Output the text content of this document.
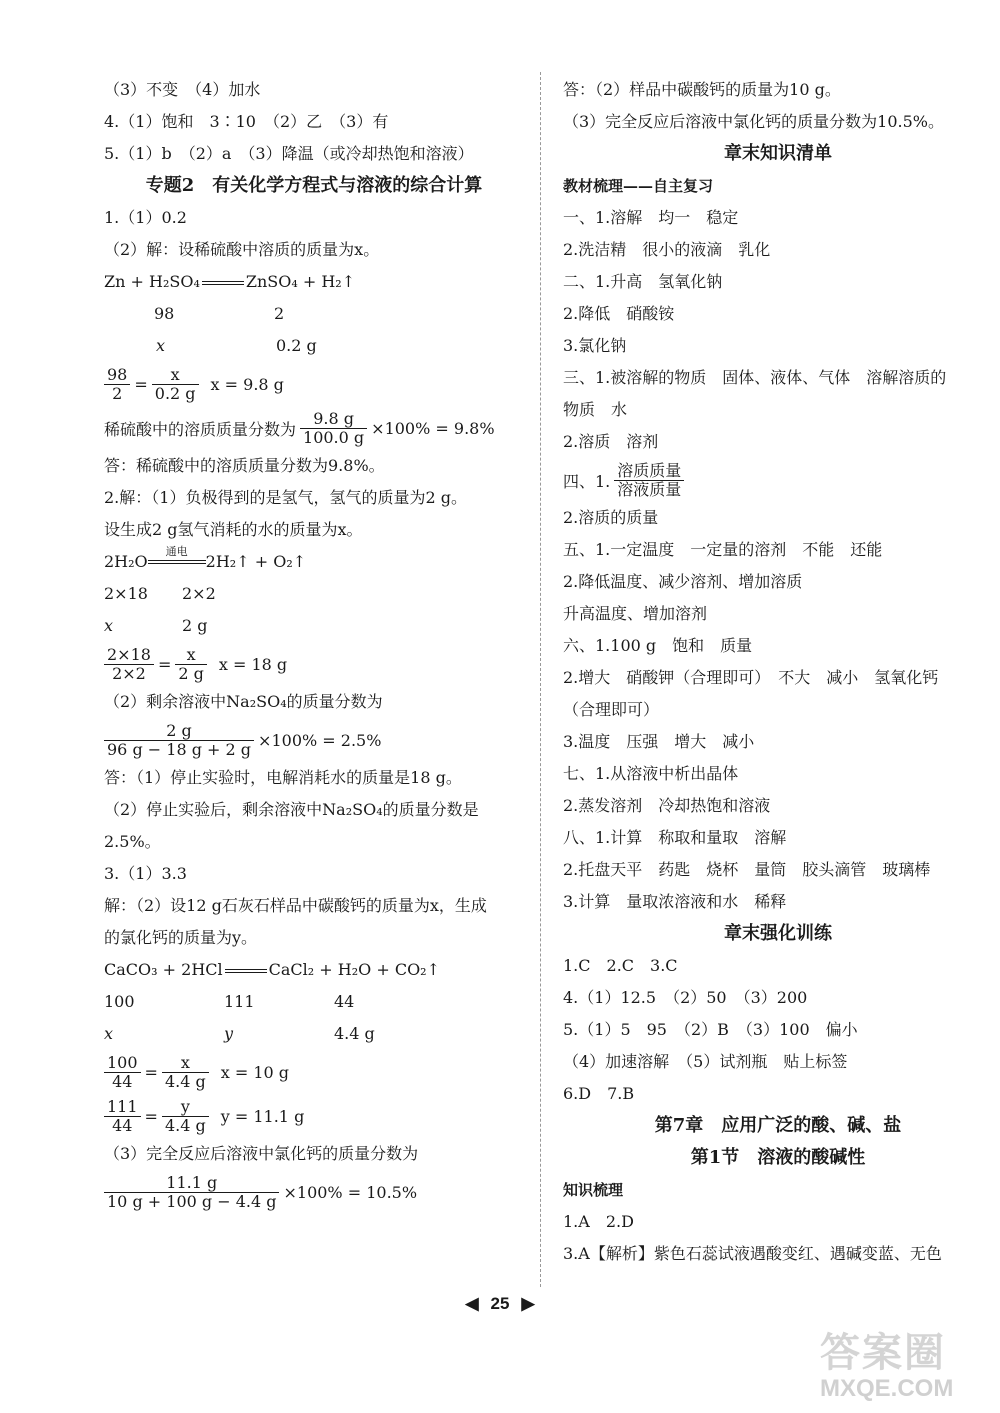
（3）不变　（4）加水
4.（1）饱和　3∶10　（2）乙　（3）有
5.（1）b　（2）a　（3）降温（或冷却热饱和溶液）
专题2　有关化学方程式与溶液的综合计算
1.（1）0.2
（2）解：设稀硫酸中溶质的质量为x。
Zn + H₂SO₄	ZnSO₄ + H₂↑
98	2
x	0.2 g
$\frac{98}{2} = \frac{x}{0.2 g}$ x = 9.8 g
稀硫酸中的溶质质量分数为 $\frac{9.8 g}{100.0 g} \times 100\% = 9.8\%$
答：稀硫酸中的溶质质量分数为9.8%。
2.解：（1）负极得到的是氢气，氢气的质量为2 g。
设生成2 g氢气消耗的水的质量为x。
2H₂O通电
2H₂↑ + O₂↑
2×18 2×2
x	2 g
$\frac{2\times 18}{2\times 2} = \frac{x}{2 g}$ x = 18 g
（2）剩余溶液中Na₂SO₄的质量分数为
$\frac{2 g}{96 g - 18 g + 2 g} \times 100\% = 2.5\%$
答：（1）停止实验时，电解消耗水的质量是18 g。
（2）停止实验后，剩余溶液中Na₂SO₄的质量分数是
2.5%。
3.（1）3.3
解：（2）设12 g石灰石样品中碳酸钙的质量为x，生成
的氯化钙的质量为y。
CaCO₃ + 2HCl	CaCl₂ + H₂O + CO₂↑
100	111	44
x	y	4.4 g
$\frac{100}{44} = \frac{x}{4.4 g}$ x = 10 g
$\frac{111}{44} = \frac{y}{4.4 g}$ y = 11.1 g
（3）完全反应后溶液中氯化钙的质量分数为
$\frac{11.1 g}{10 g + 100 g - 4.4 g} \times 100\% = 10.5\%$
答：（2）样品中碳酸钙的质量为10 g。
（3）完全反应后溶液中氯化钙的质量分数为10.5%。
章末知识清单
教材梳理——自主复习
一、1.溶解　均一　稳定
2.洗洁精　很小的液滴　乳化
二、1.升高　氢氧化钠
2.降低　硝酸铵
3.氯化钠
三、1.被溶解的物质　固体、液体、气体　溶解溶质的
物质　水
2.溶质　溶剂
四、1. $\frac{\text{溶质质量}}{\text{溶液质量}}$
2.溶质的质量
五、1.一定温度　一定量的溶剂　不能　还能
2.降低温度、减少溶剂、增加溶质
升高温度、增加溶剂
六、1.100 g　饱和　质量
2.增大　硝酸钾（合理即可）　不大　减小　氢氧化钙
（合理即可）
3.温度　压强　增大　减小
七、1.从溶液中析出晶体
2.蒸发溶剂　冷却热饱和溶液
八、1.计算　称取和量取　溶解
2.托盘天平　药匙　烧杯　量筒　胶头滴管　玻璃棒
3.计算　量取浓溶液和水　稀释
章末强化训练
1.C　2.C　3.C
4.（1）12.5　（2）50　（3）200
5.（1）5　95　（2）B　（3）100　偏小
（4）加速溶解　（5）试剂瓶　贴上标签
6.D　7.B
第7章　应用广泛的酸、碱、盐
第1节　溶液的酸碱性
知识梳理
1.A　2.D
3.A【解析】紫色石蕊试液遇酸变红、遇碱变蓝、无色
◀ 25 ▶
答案圈
MXQE.COM
